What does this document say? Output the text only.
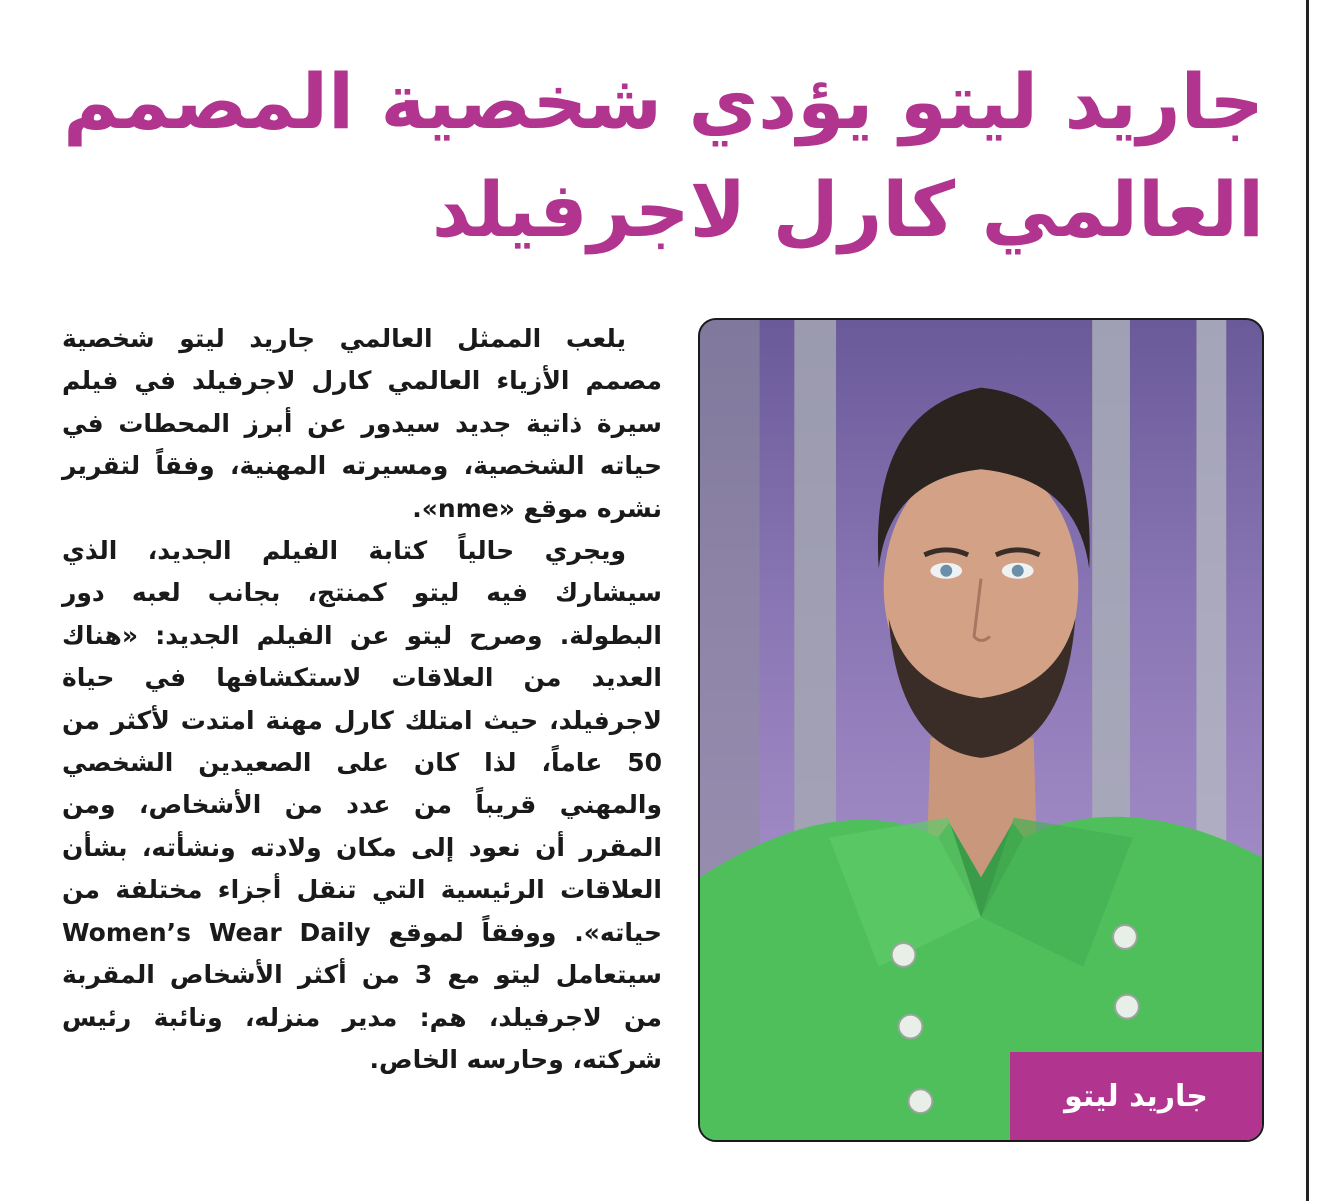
جاريد ليتو يؤدي شخصية المصمم
العالمي كارل لاجرفيلد

يلعب الممثل العالمي جاريد ليتو شخصية مصمم الأزياء العالمي كارل لاجرفيلد في فيلم سيرة ذاتية جديد سيدور عن أبرز المحطات في حياته الشخصية، ومسيرته المهنية، وفقاً لتقرير نشره موقع «nme».

ويجري حالياً كتابة الفيلم الجديد، الذي سيشارك فيه ليتو كمنتج، بجانب لعبه دور البطولة. وصرح ليتو عن الفيلم الجديد: «هناك العديد من العلاقات لاستكشافها في حياة لاجرفيلد، حيث امتلك كارل مهنة امتدت لأكثر من 50 عاماً، لذا كان على الصعيدين الشخصي والمهني قريباً من عدد من الأشخاص، ومن المقرر أن نعود إلى مكان ولادته ونشأته، بشأن العلاقات الرئيسية التي تنقل أجزاء مختلفة من حياته». ووفقاً لموقع Women’s Wear Daily سيتعامل ليتو مع 3 من أكثر الأشخاص المقربة من لاجرفيلد، هم: مدير منزله، ونائبة رئيس شركته، وحارسه الخاص.

جاريد ليتو
